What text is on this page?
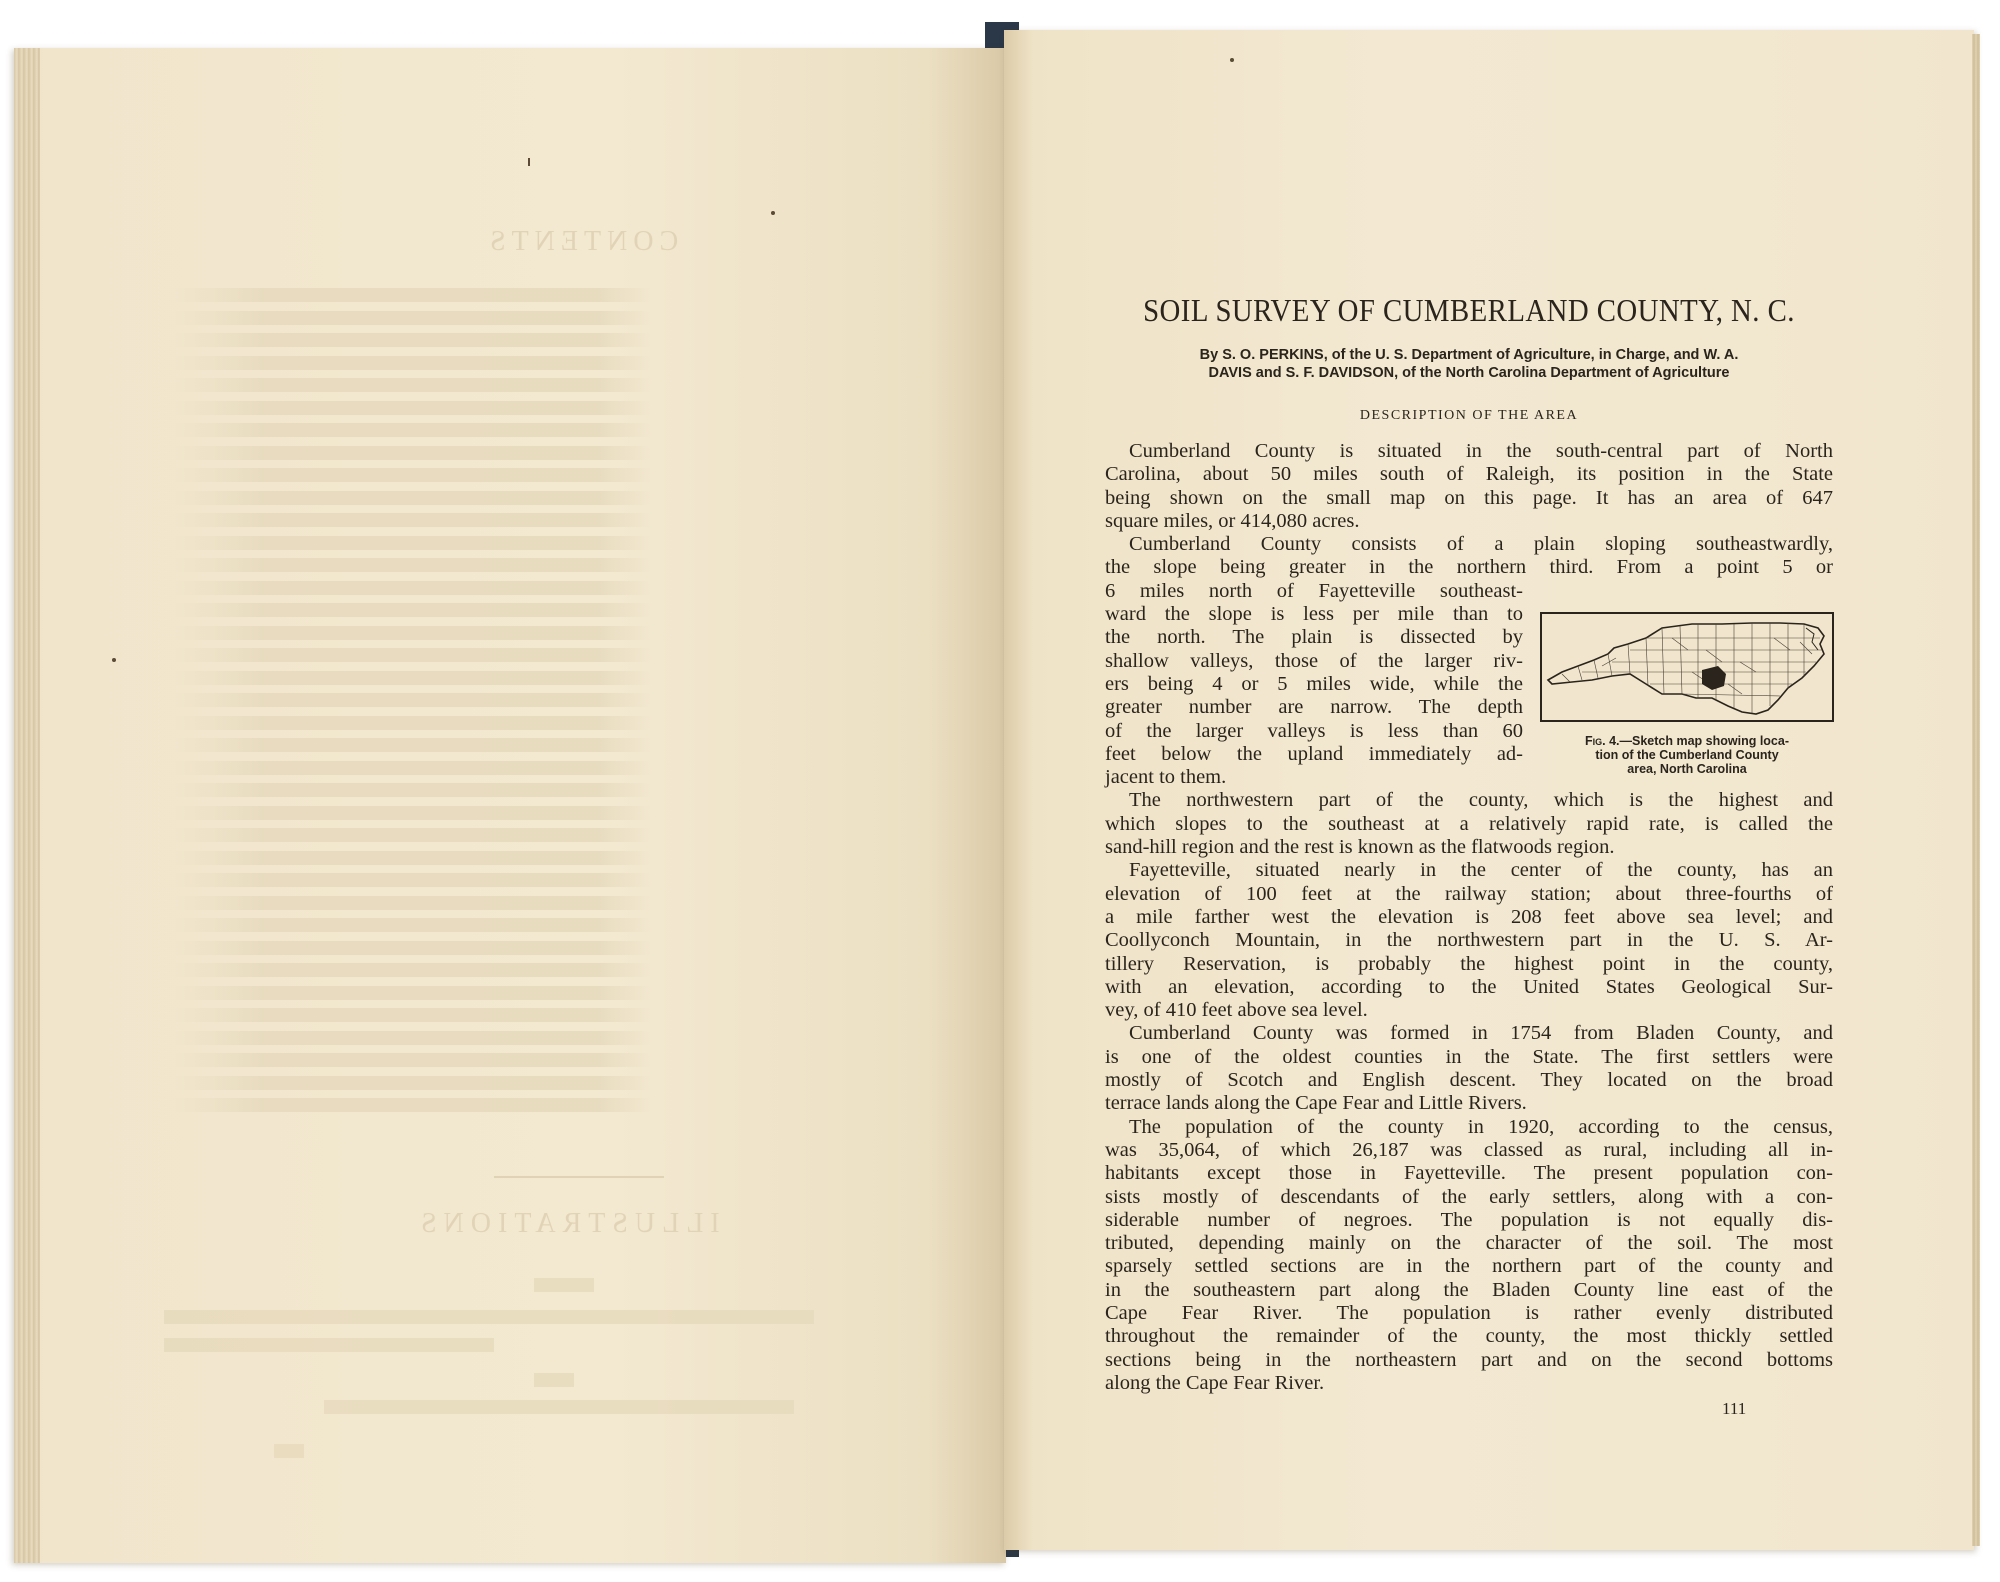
CONTENTS
ILLUSTRATIONS
SOIL SURVEY OF CUMBERLAND COUNTY, N. C.
By S. O. PERKINS, of the U. S. Department of Agriculture, in Charge, and W. A.
DAVIS and S. F. DAVIDSON, of the North Carolina Department of Agriculture
DESCRIPTION OF THE AREA
Cumberland County is situated in the south-central part of North
Carolina, about 50 miles south of Raleigh, its position in the State
being shown on the small map on this page. It has an area of 647
square miles, or 414,080 acres.
Cumberland County consists of a plain sloping southeastwardly,
the slope being greater in the northern third. From a point 5 or
6 miles north of Fayetteville southeast-
ward the slope is less per mile than to
the north. The plain is dissected by
shallow valleys, those of the larger riv-
ers being 4 or 5 miles wide, while the
greater number are narrow. The depth
of the larger valleys is less than 60
feet below the upland immediately ad-
jacent to them.
The northwestern part of the county, which is the highest and
which slopes to the southeast at a relatively rapid rate, is called the
sand-hill region and the rest is known as the flatwoods region.
Fayetteville, situated nearly in the center of the county, has an
elevation of 100 feet at the railway station; about three-fourths of
a mile farther west the elevation is 208 feet above sea level; and
Coollyconch Mountain, in the northwestern part in the U. S. Ar-
tillery Reservation, is probably the highest point in the county,
with an elevation, according to the United States Geological Sur-
vey, of 410 feet above sea level.
Cumberland County was formed in 1754 from Bladen County, and
is one of the oldest counties in the State. The first settlers were
mostly of Scotch and English descent. They located on the broad
terrace lands along the Cape Fear and Little Rivers.
The population of the county in 1920, according to the census,
was 35,064, of which 26,187 was classed as rural, including all in-
habitants except those in Fayetteville. The present population con-
sists mostly of descendants of the early settlers, along with a con-
siderable number of negroes. The population is not equally dis-
tributed, depending mainly on the character of the soil. The most
sparsely settled sections are in the northern part of the county and
in the southeastern part along the Bladen County line east of the
Cape Fear River. The population is rather evenly distributed
throughout the remainder of the county, the most thickly settled
sections being in the northeastern part and on the second bottoms
along the Cape Fear River.
Fig. 4.—Sketch map showing loca-
tion of the Cumberland County
area, North Carolina
111
